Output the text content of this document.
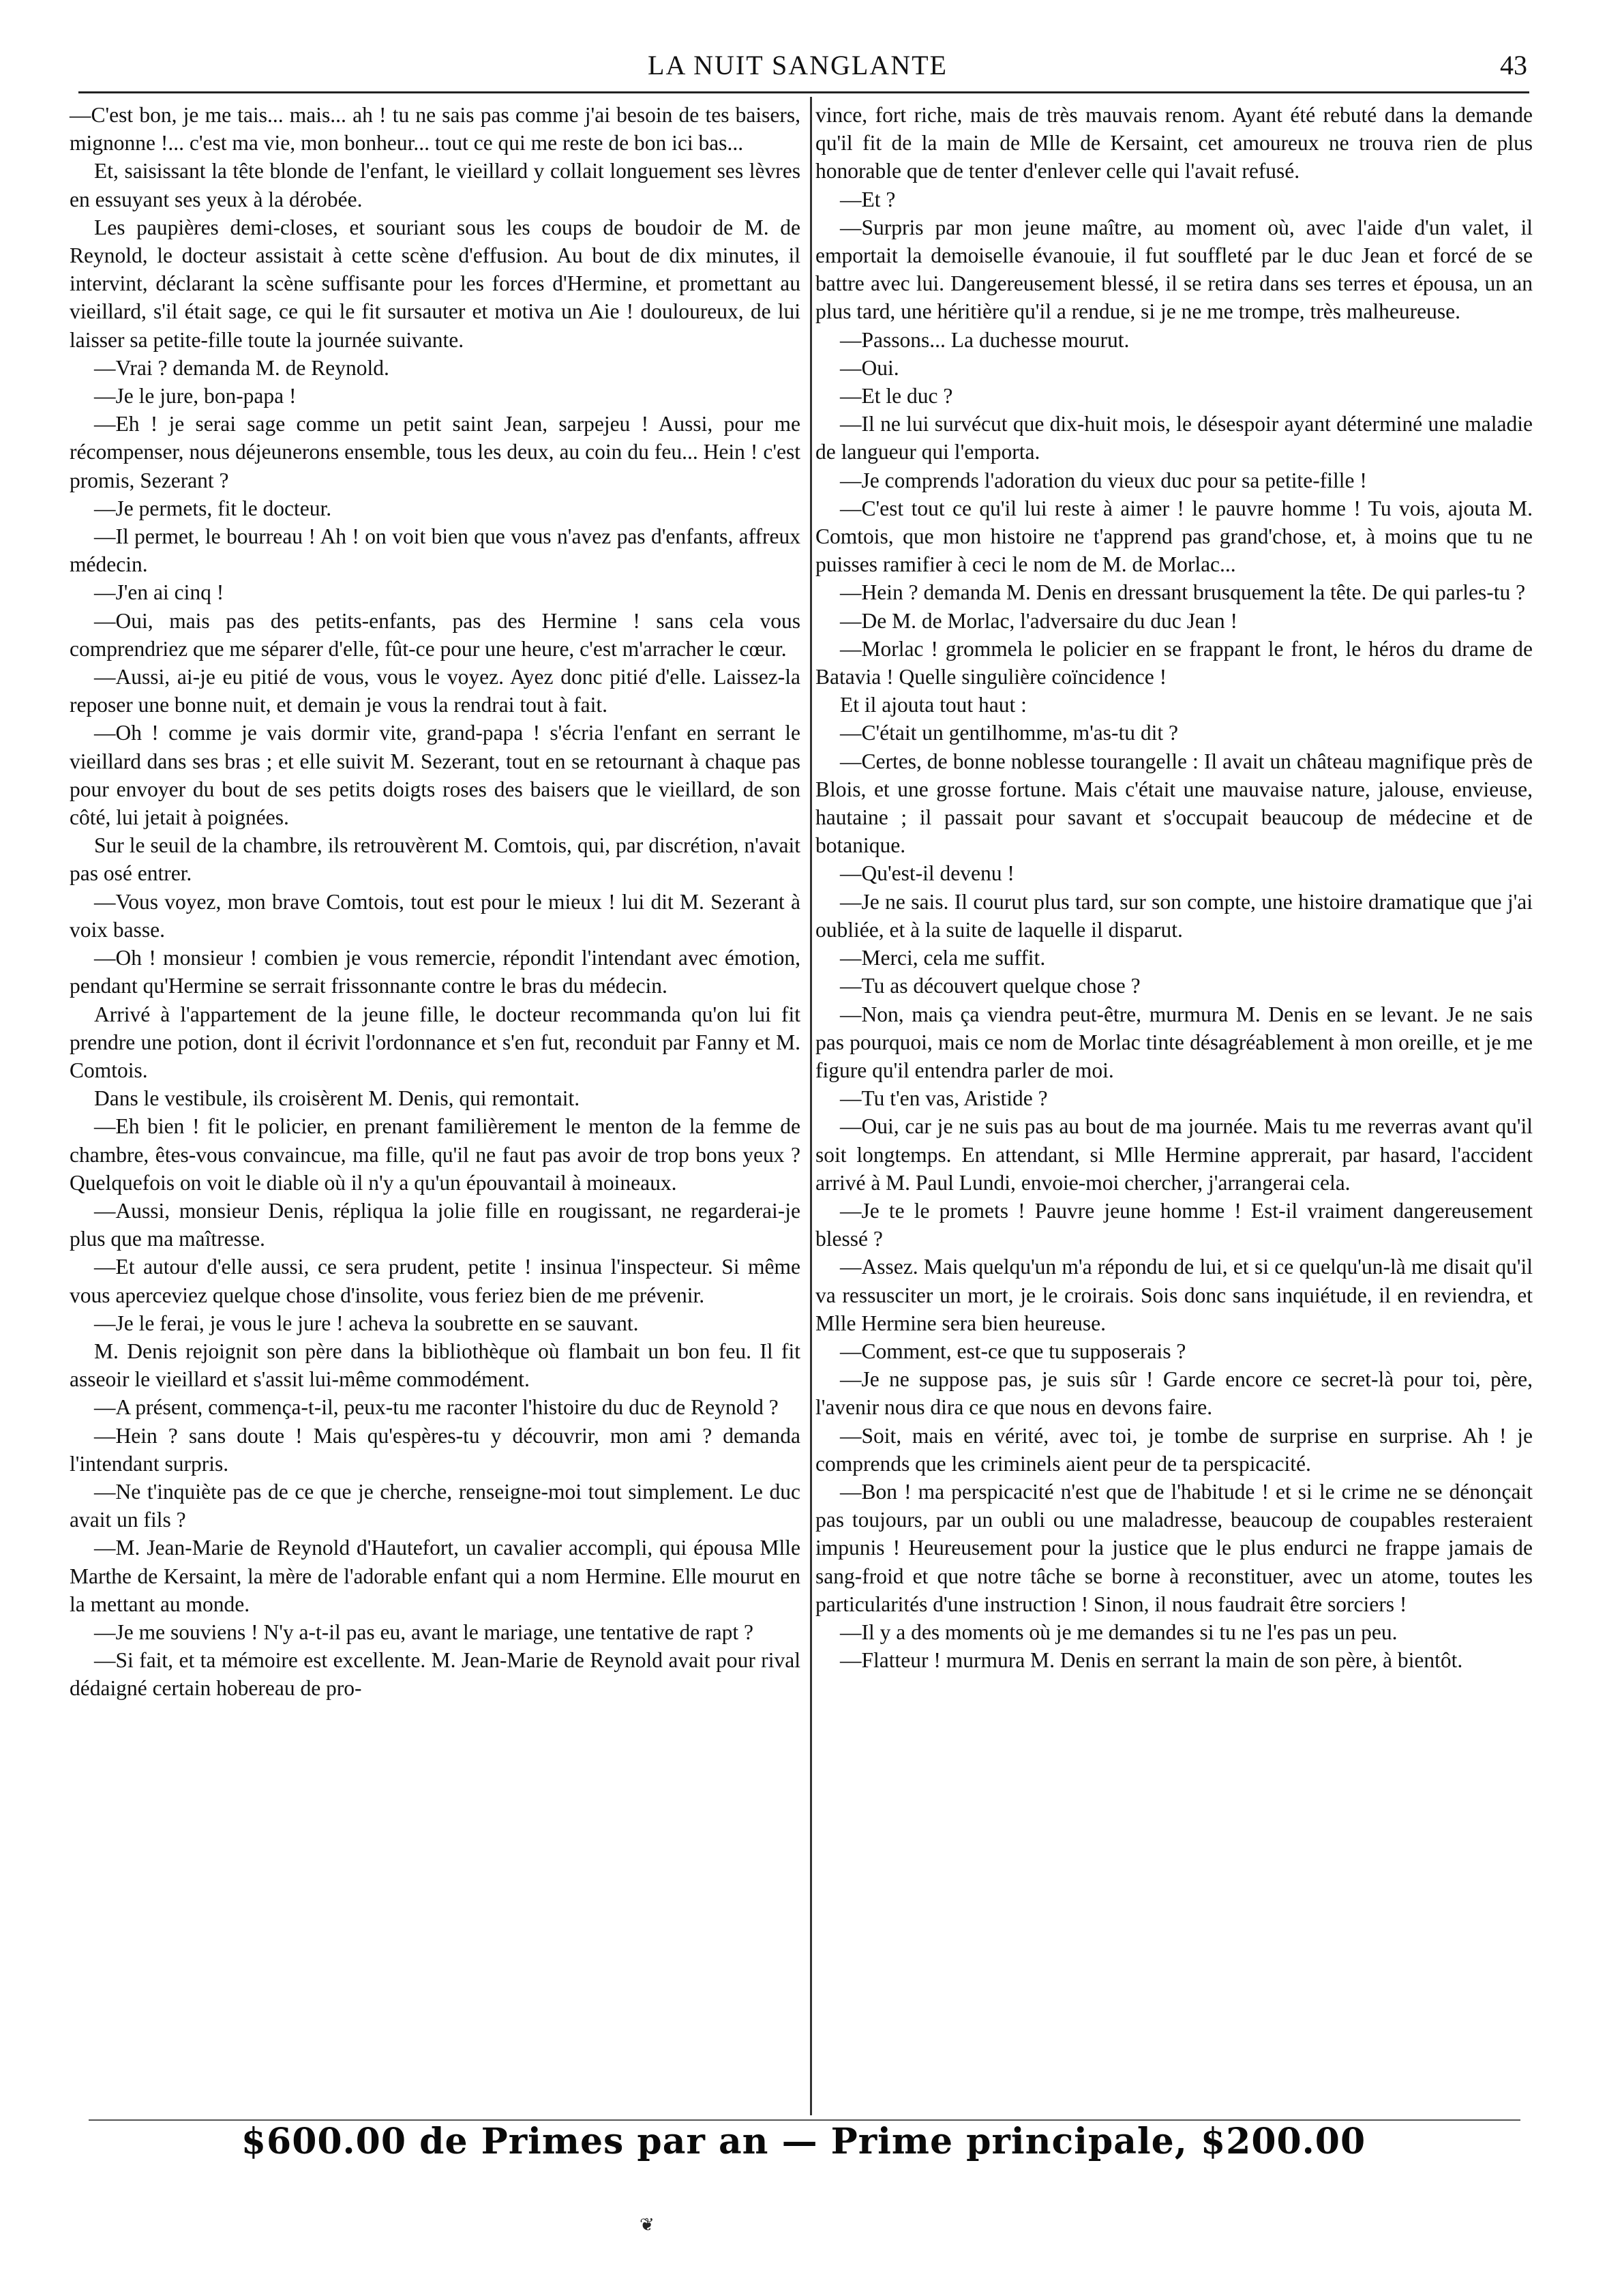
LA NUIT SANGLANTE	43

—C'est bon, je me tais... mais... ah ! tu ne sais pas comme j'ai besoin de tes baisers, mignonne !... c'est ma vie, mon bonheur... tout ce qui me reste de bon ici bas...

Et, saisissant la tête blonde de l'enfant, le vieillard y collait longuement ses lèvres en essuyant ses yeux à la dérobée.

Les paupières demi-closes, et souriant sous les coups de boudoir de M. de Reynold, le docteur assistait à cette scène d'effusion. Au bout de dix minutes, il intervint, déclarant la scène suffisante pour les forces d'Hermine, et promettant au vieillard, s'il était sage, ce qui le fit sursauter et motiva un Aie ! douloureux, de lui laisser sa petite-fille toute la journée suivante.

—Vrai ? demanda M. de Reynold.

—Je le jure, bon-papa !

—Eh ! je serai sage comme un petit saint Jean, sarpejeu ! Aussi, pour me récompenser, nous déjeunerons ensemble, tous les deux, au coin du feu... Hein ! c'est promis, Sezerant ?

—Je permets, fit le docteur.

—Il permet, le bourreau ! Ah ! on voit bien que vous n'avez pas d'enfants, affreux médecin.

—J'en ai cinq !

—Oui, mais pas des petits-enfants, pas des Hermine ! sans cela vous comprendriez que me séparer d'elle, fût-ce pour une heure, c'est m'arracher le cœur.

—Aussi, ai-je eu pitié de vous, vous le voyez. Ayez donc pitié d'elle. Laissez-la reposer une bonne nuit, et demain je vous la rendrai tout à fait.

—Oh ! comme je vais dormir vite, grand-papa ! s'écria l'enfant en serrant le vieillard dans ses bras ; et elle suivit M. Sezerant, tout en se retournant à chaque pas pour envoyer du bout de ses petits doigts roses des baisers que le vieillard, de son côté, lui jetait à poignées.

Sur le seuil de la chambre, ils retrouvèrent M. Comtois, qui, par discrétion, n'avait pas osé entrer.

—Vous voyez, mon brave Comtois, tout est pour le mieux ! lui dit M. Sezerant à voix basse.

—Oh ! monsieur ! combien je vous remercie, répondit l'intendant avec émotion, pendant qu'Hermine se serrait frissonnante contre le bras du médecin.

Arrivé à l'appartement de la jeune fille, le docteur recommanda qu'on lui fit prendre une potion, dont il écrivit l'ordonnance et s'en fut, reconduit par Fanny et M. Comtois.

Dans le vestibule, ils croisèrent M. Denis, qui remontait.

—Eh bien ! fit le policier, en prenant familièrement le menton de la femme de chambre, êtes-vous convaincue, ma fille, qu'il ne faut pas avoir de trop bons yeux ? Quelquefois on voit le diable où il n'y a qu'un épouvantail à moineaux.

—Aussi, monsieur Denis, répliqua la jolie fille en rougissant, ne regarderai-je plus que ma maîtresse.

—Et autour d'elle aussi, ce sera prudent, petite ! insinua l'inspecteur. Si même vous aperceviez quelque chose d'insolite, vous feriez bien de me prévenir.

—Je le ferai, je vous le jure ! acheva la soubrette en se sauvant.

M. Denis rejoignit son père dans la bibliothèque où flambait un bon feu. Il fit asseoir le vieillard et s'assit lui-même commodément.

—A présent, commença-t-il, peux-tu me raconter l'histoire du duc de Reynold ?

—Hein ? sans doute ! Mais qu'espères-tu y découvrir, mon ami ? demanda l'intendant surpris.

—Ne t'inquiète pas de ce que je cherche, renseigne-moi tout simplement. Le duc avait un fils ?

—M. Jean-Marie de Reynold d'Hautefort, un cavalier accompli, qui épousa Mlle Marthe de Kersaint, la mère de l'adorable enfant qui a nom Hermine. Elle mourut en la mettant au monde.

—Je me souviens ! N'y a-t-il pas eu, avant le mariage, une tentative de rapt ?

—Si fait, et ta mémoire est excellente. M. Jean-Marie de Reynold avait pour rival dédaigné certain hobereau de pro-

vince, fort riche, mais de très mauvais renom. Ayant été rebuté dans la demande qu'il fit de la main de Mlle de Kersaint, cet amoureux ne trouva rien de plus honorable que de tenter d'enlever celle qui l'avait refusé.

—Et ?

—Surpris par mon jeune maître, au moment où, avec l'aide d'un valet, il emportait la demoiselle évanouie, il fut souffleté par le duc Jean et forcé de se battre avec lui. Dangereusement blessé, il se retira dans ses terres et épousa, un an plus tard, une héritière qu'il a rendue, si je ne me trompe, très malheureuse.

—Passons... La duchesse mourut.

—Oui.

—Et le duc ?

—Il ne lui survécut que dix-huit mois, le désespoir ayant déterminé une maladie de langueur qui l'emporta.

—Je comprends l'adoration du vieux duc pour sa petite-fille !

—C'est tout ce qu'il lui reste à aimer ! le pauvre homme ! Tu vois, ajouta M. Comtois, que mon histoire ne t'apprend pas grand'chose, et, à moins que tu ne puisses ramifier à ceci le nom de M. de Morlac...

—Hein ? demanda M. Denis en dressant brusquement la tête. De qui parles-tu ?

—De M. de Morlac, l'adversaire du duc Jean !

—Morlac ! grommela le policier en se frappant le front, le héros du drame de Batavia ! Quelle singulière coïncidence !

Et il ajouta tout haut :

—C'était un gentilhomme, m'as-tu dit ?

—Certes, de bonne noblesse tourangelle : Il avait un château magnifique près de Blois, et une grosse fortune. Mais c'était une mauvaise nature, jalouse, envieuse, hautaine ; il passait pour savant et s'occupait beaucoup de médecine et de botanique.

—Qu'est-il devenu !

—Je ne sais. Il courut plus tard, sur son compte, une histoire dramatique que j'ai oubliée, et à la suite de laquelle il disparut.

—Merci, cela me suffit.

—Tu as découvert quelque chose ?

—Non, mais ça viendra peut-être, murmura M. Denis en se levant. Je ne sais pas pourquoi, mais ce nom de Morlac tinte désagréablement à mon oreille, et je me figure qu'il entendra parler de moi.

—Tu t'en vas, Aristide ?

—Oui, car je ne suis pas au bout de ma journée. Mais tu me reverras avant qu'il soit longtemps. En attendant, si Mlle Hermine apprerait, par hasard, l'accident arrivé à M. Paul Lundi, envoie-moi chercher, j'arrangerai cela.

—Je te le promets ! Pauvre jeune homme ! Est-il vraiment dangereusement blessé ?

—Assez. Mais quelqu'un m'a répondu de lui, et si ce quelqu'un-là me disait qu'il va ressusciter un mort, je le croirais. Sois donc sans inquiétude, il en reviendra, et Mlle Hermine sera bien heureuse.

—Comment, est-ce que tu supposerais ?

—Je ne suppose pas, je suis sûr ! Garde encore ce secret-là pour toi, père, l'avenir nous dira ce que nous en devons faire.

—Soit, mais en vérité, avec toi, je tombe de surprise en surprise. Ah ! je comprends que les criminels aient peur de ta perspicacité.

—Bon ! ma perspicacité n'est que de l'habitude ! et si le crime ne se dénonçait pas toujours, par un oubli ou une maladresse, beaucoup de coupables resteraient impunis ! Heureusement pour la justice que le plus endurci ne frappe jamais de sang-froid et que notre tâche se borne à reconstituer, avec un atome, toutes les particularités d'une instruction ! Sinon, il nous faudrait être sorciers !

—Il y a des moments où je me demandes si tu ne l'es pas un peu.

—Flatteur ! murmura M. Denis en serrant la main de son père, à bientôt.

$600.00 de Primes par an — Prime principale, $200.00
❦
